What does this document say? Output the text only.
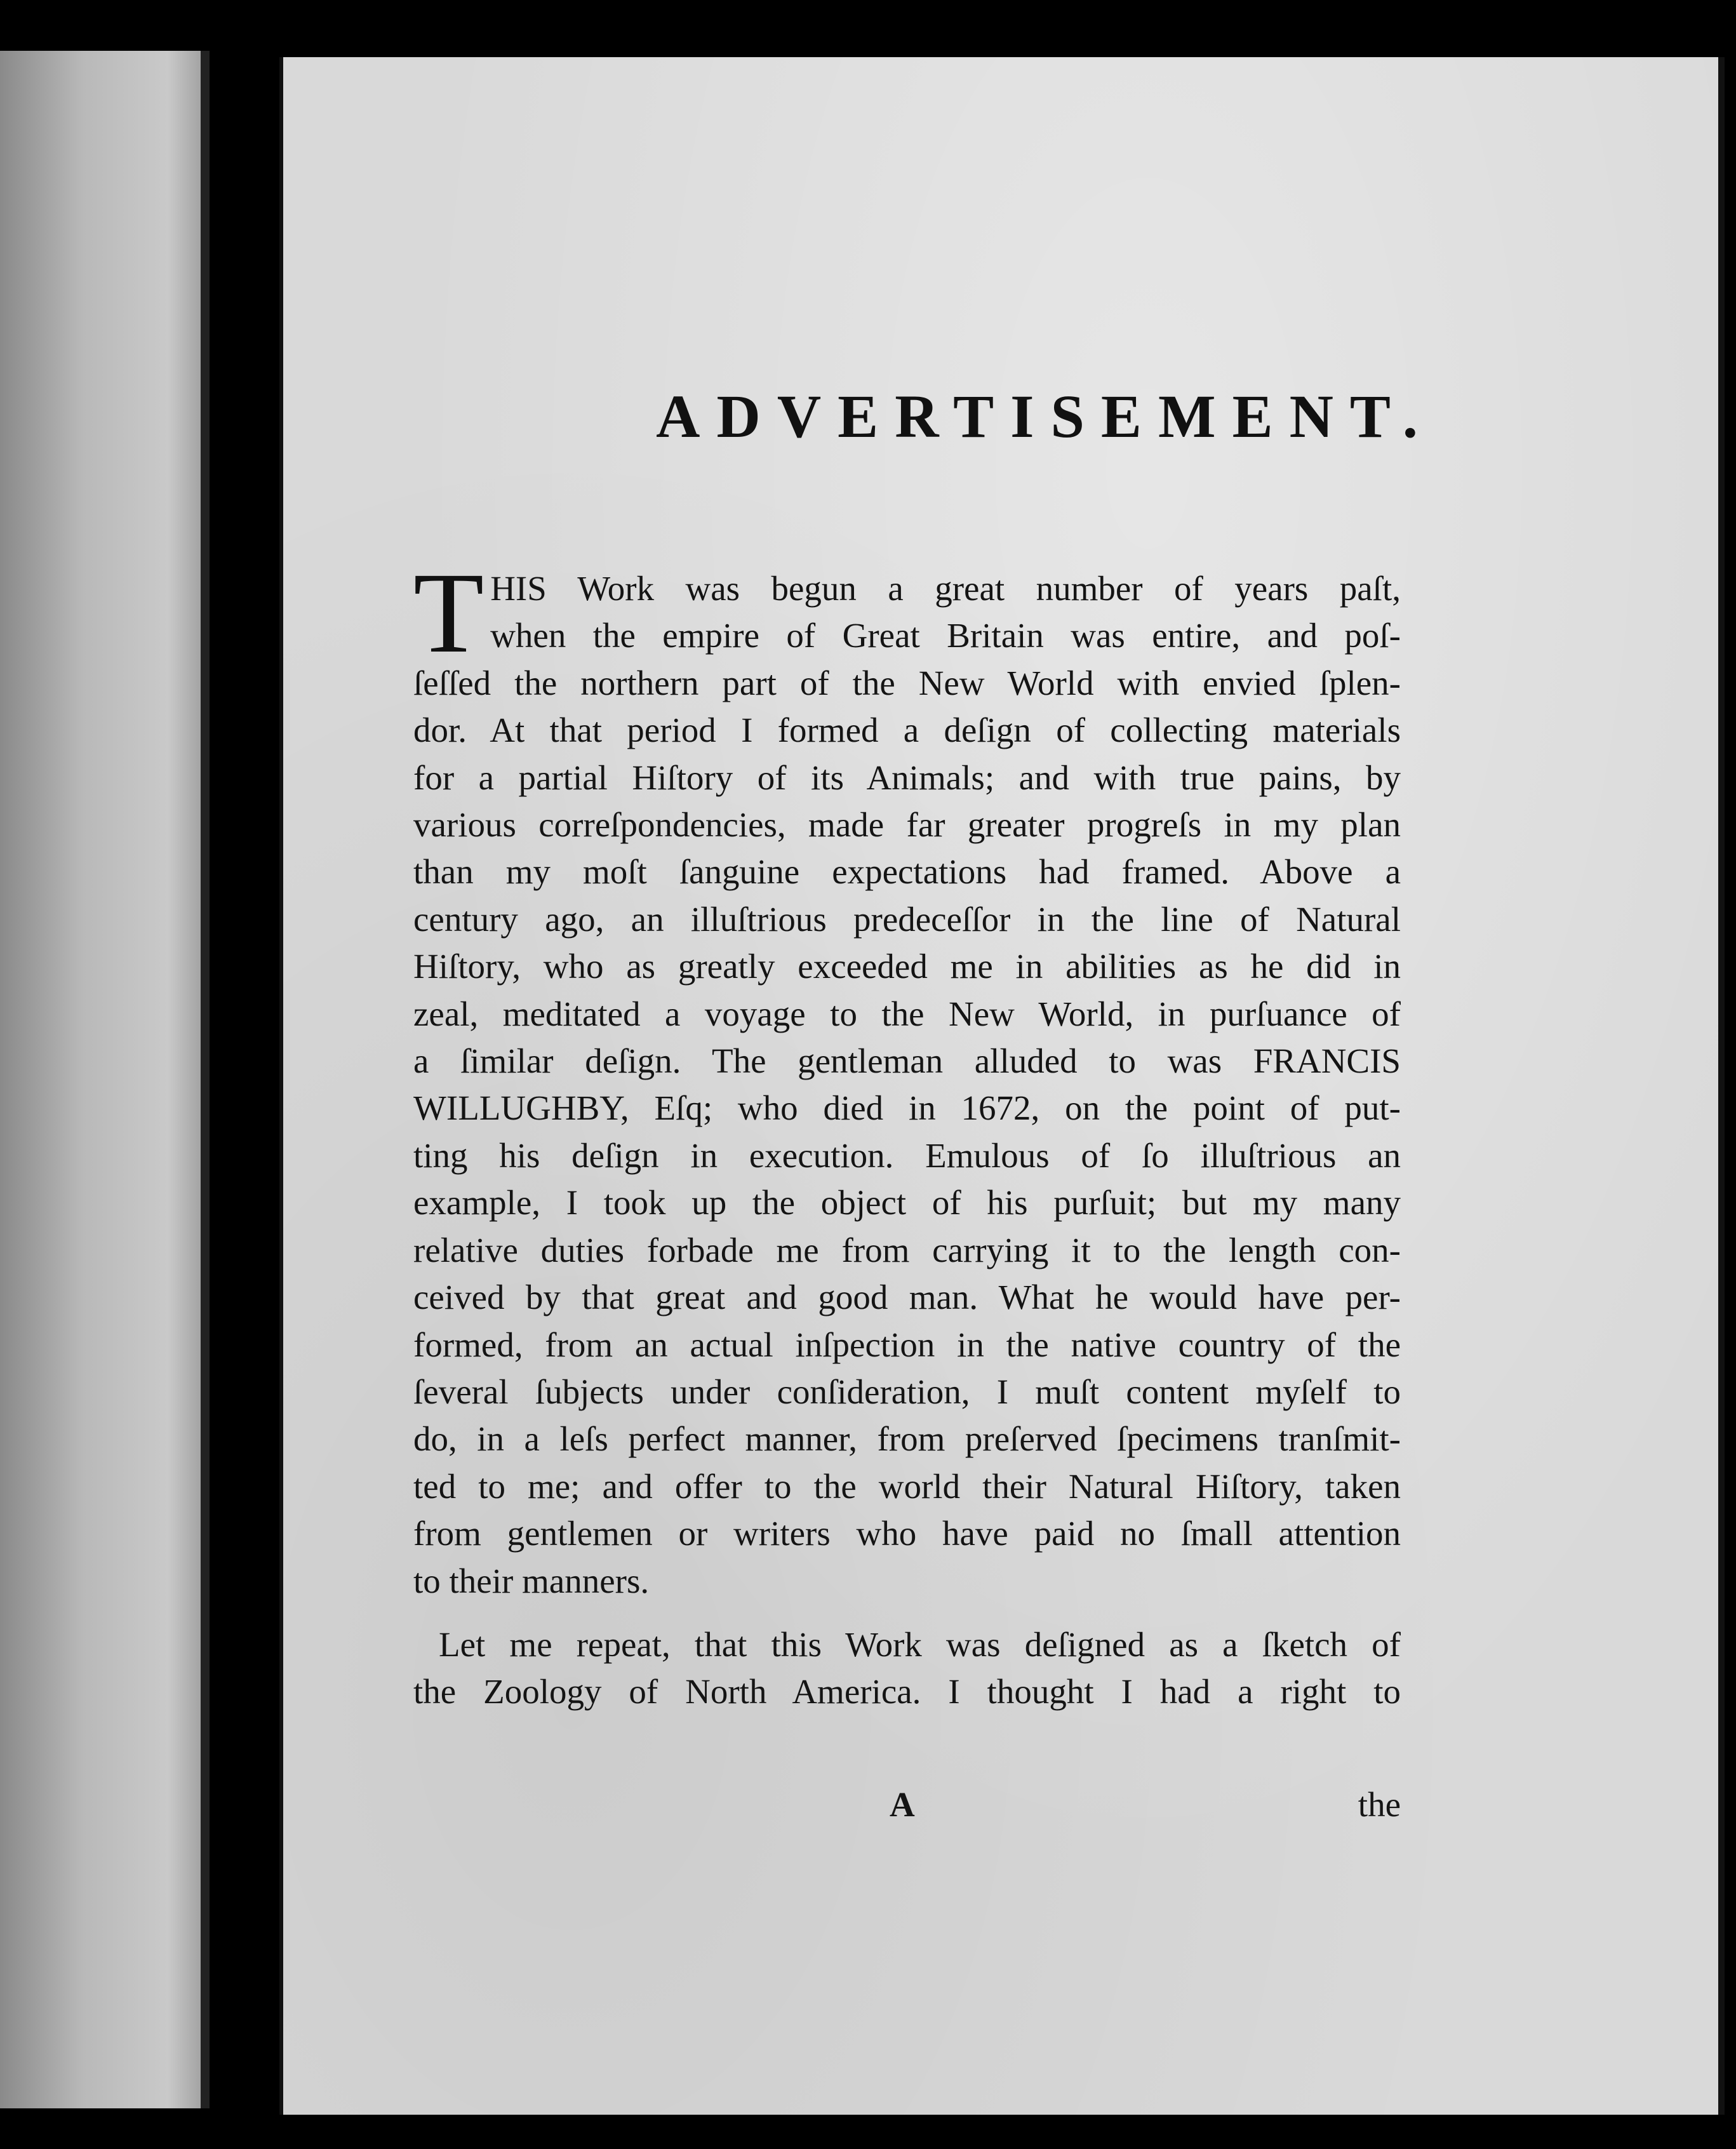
ADVERTISEMENT.
T HIS Work was begun a great number of years paſt,
when the empire of Great Britain was entire, and poſ-
ſeſſed the northern part of the New World with envied ſplen-
dor. At that period I formed a deſign of collecting materials
for a partial Hiſtory of its Animals; and with true pains, by
various correſpondencies, made far greater progreſs in my plan
than my moſt ſanguine expectations had framed. Above a
century ago, an illuſtrious predeceſſor in the line of Natural
Hiſtory, who as greatly exceeded me in abilities as he did in
zeal, meditated a voyage to the New World, in purſuance of
a ſimilar deſign. The gentleman alluded to was FRANCIS
WILLUGHBY, Eſq; who died in 1672, on the point of put-
ting his deſign in execution. Emulous of ſo illuſtrious an
example, I took up the object of his purſuit; but my many
relative duties forbade me from carrying it to the length con-
ceived by that great and good man. What he would have per-
formed, from an actual inſpection in the native country of the
ſeveral ſubjects under conſideration, I muſt content myſelf to
do, in a leſs perfect manner, from preſerved ſpecimens tranſmit-
ted to me; and offer to the world their Natural Hiſtory, taken
from gentlemen or writers who have paid no ſmall attention
to their manners.
Let me repeat, that this Work was deſigned as a ſketch of
the Zoology of North America. I thought I had a right to
A	the
